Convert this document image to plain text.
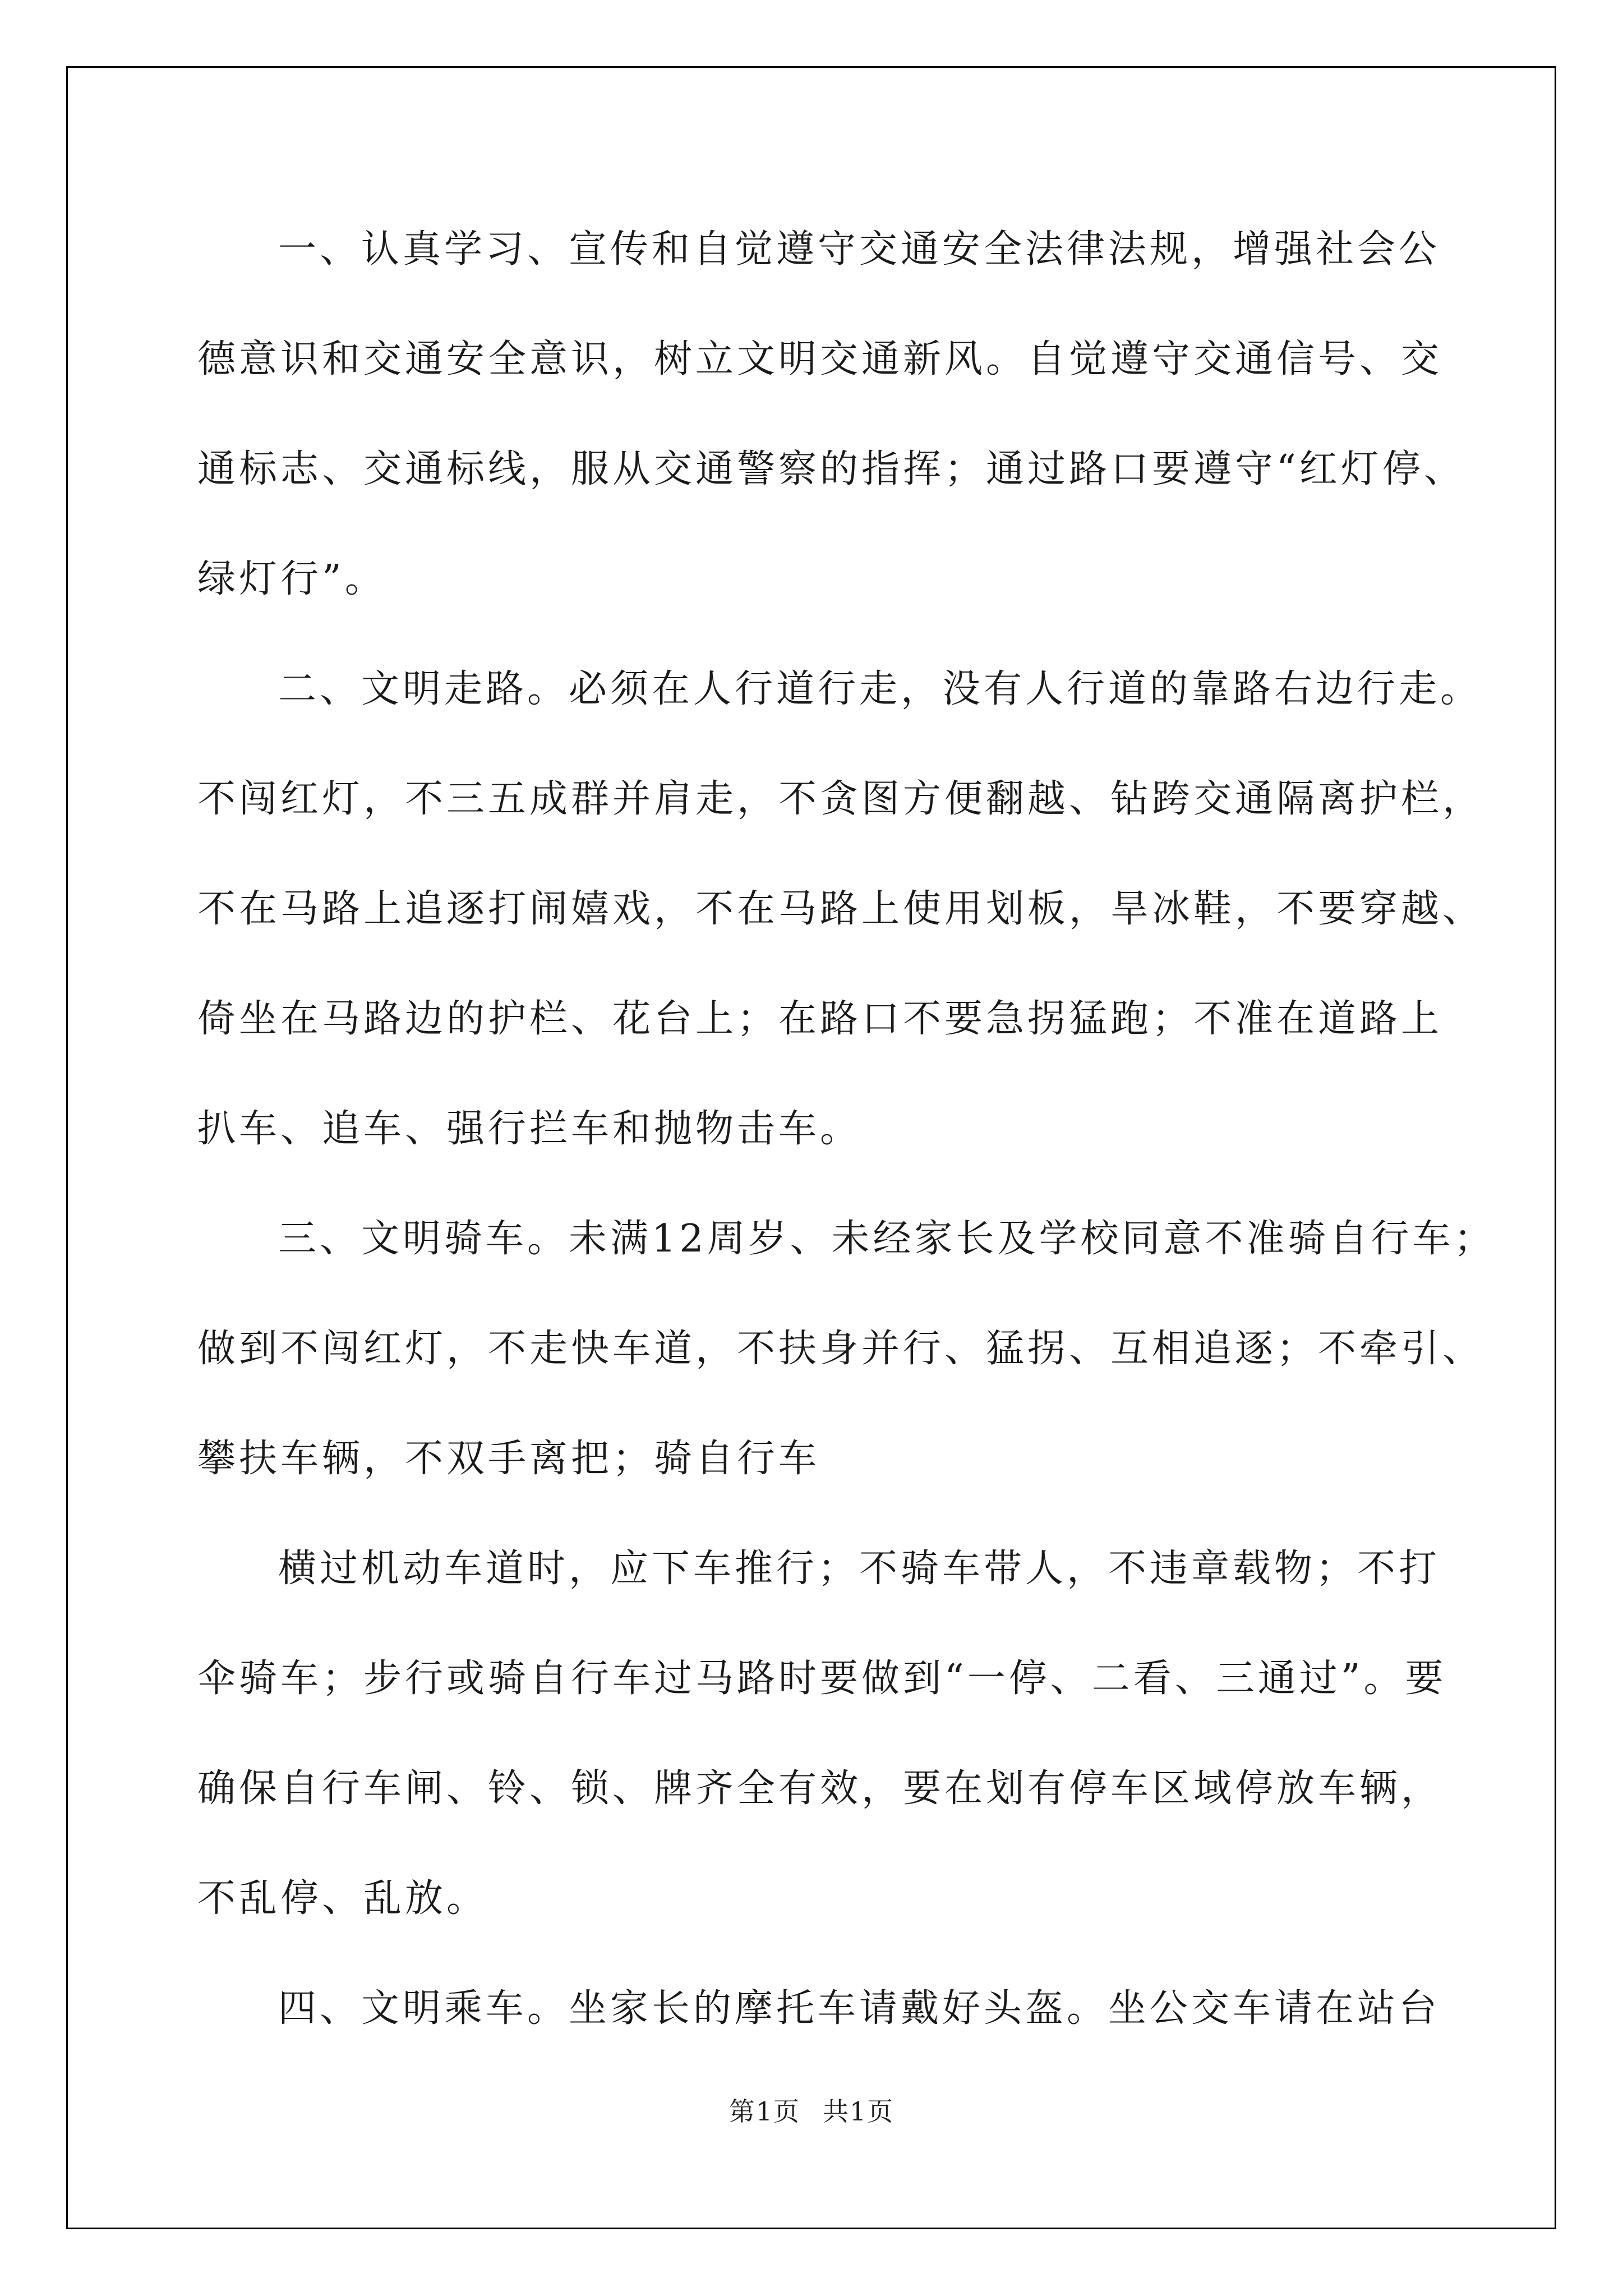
一、认真学习、宣传和自觉遵守交通安全法律法规，增强社会公
德意识和交通安全意识，树立文明交通新风。自觉遵守交通信号、交
通标志、交通标线，服从交通警察的指挥；通过路口要遵守“红灯停、
绿灯行”。
二、文明走路。必须在人行道行走，没有人行道的靠路右边行走。
不闯红灯，不三五成群并肩走，不贪图方便翻越、钻跨交通隔离护栏，
不在马路上追逐打闹嬉戏，不在马路上使用划板，旱冰鞋，不要穿越、
倚坐在马路边的护栏、花台上；在路口不要急拐猛跑；不准在道路上
扒车、追车、强行拦车和抛物击车。
三、文明骑车。未满12周岁、未经家长及学校同意不准骑自行车；
做到不闯红灯，不走快车道，不扶身并行、猛拐、互相追逐；不牵引、
攀扶车辆，不双手离把；骑自行车
横过机动车道时，应下车推行；不骑车带人，不违章载物；不打
伞骑车；步行或骑自行车过马路时要做到“一停、二看、三通过”。要
确保自行车闸、铃、锁、牌齐全有效，要在划有停车区域停放车辆，
不乱停、乱放。
四、文明乘车。坐家长的摩托车请戴好头盔。坐公交车请在站台
第1页 共1页
